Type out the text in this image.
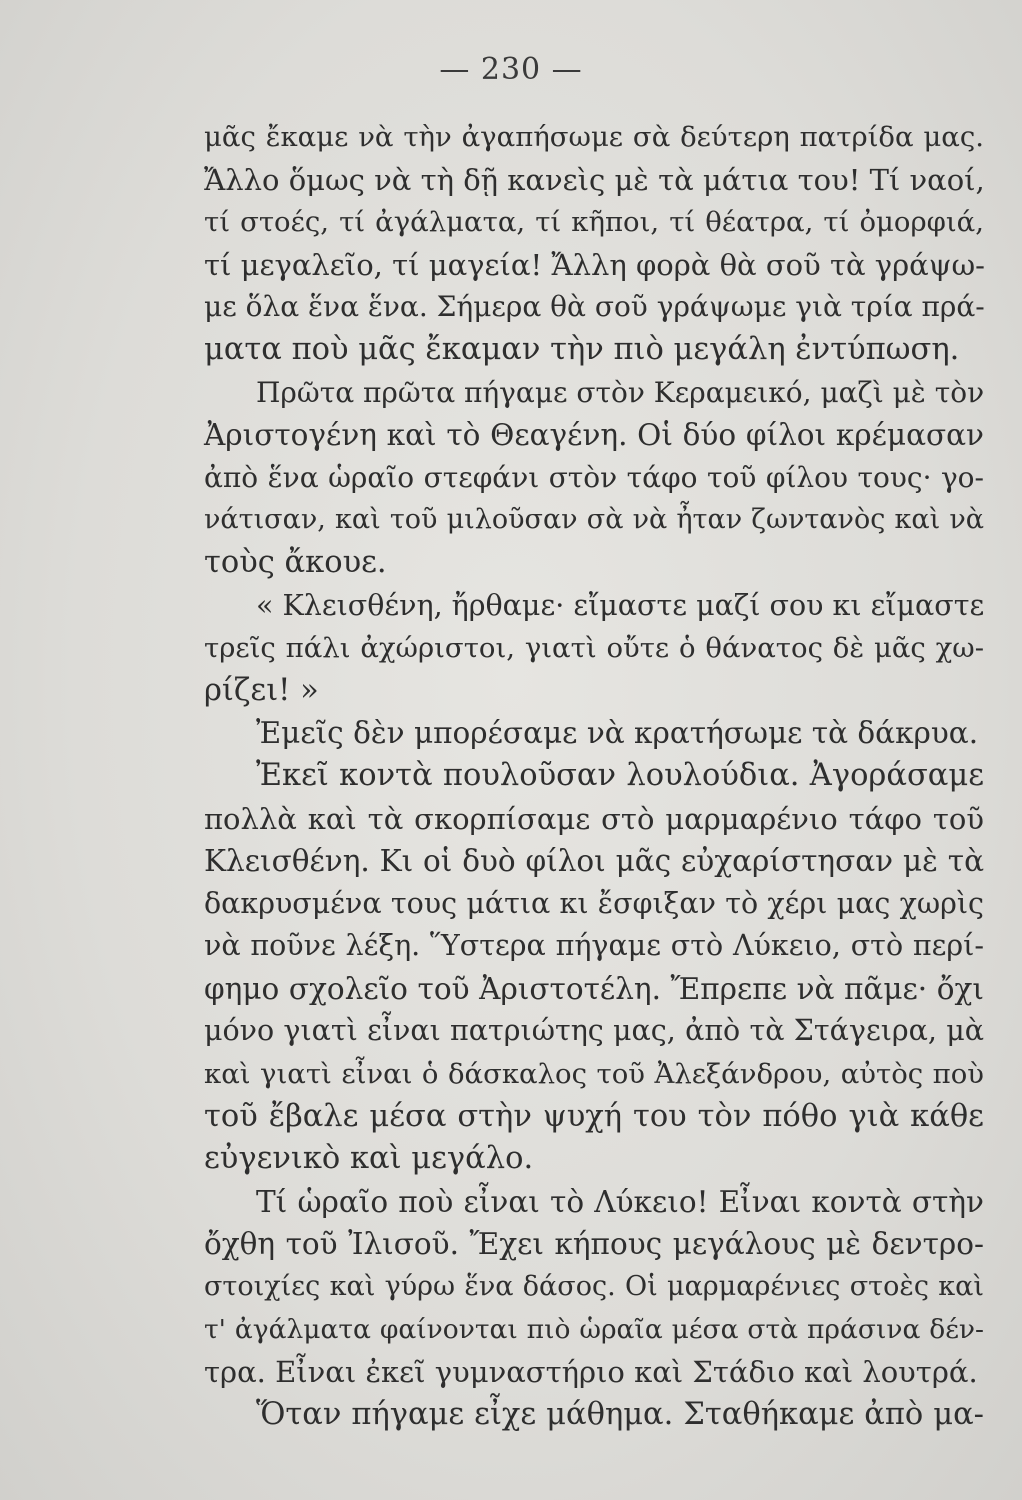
— 230 —
μᾶς ἔκαμε νὰ τὴν ἀγαπήσωμε σὰ δεύτερη πατρίδα μας.
Ἄλλο ὅμως νὰ τὴ δῇ κανεὶς μὲ τὰ μάτια του! Τί ναοί,
τί στοές, τί ἀγάλματα, τί κῆποι, τί θέατρα, τί ὀμορφιά,
τί μεγαλεῖο, τί μαγεία! Ἄλλη φορὰ θὰ σοῦ τὰ γράψω-
με ὅλα ἕνα ἕνα. Σήμερα θὰ σοῦ γράψωμε γιὰ τρία πρά-
ματα ποὺ μᾶς ἔκαμαν τὴν πιὸ μεγάλη ἐντύπωση.
Πρῶτα πρῶτα πήγαμε στὸν Κεραμεικό, μαζὶ μὲ τὸν
Ἀριστογένη καὶ τὸ Θεαγένη. Οἱ δύο φίλοι κρέμασαν
ἀπὸ ἕνα ὡραῖο στεφάνι στὸν τάφο τοῦ φίλου τους· γο-
νάτισαν, καὶ τοῦ μιλοῦσαν σὰ νὰ ἦταν ζωντανὸς καὶ νὰ
τοὺς ἄκουε.
« Κλεισθένη, ἤρθαμε· εἴμαστε μαζί σου κι εἴμαστε
τρεῖς πάλι ἀχώριστοι, γιατὶ οὔτε ὁ θάνατος δὲ μᾶς χω-
ρίζει! »
Ἐμεῖς δὲν μπορέσαμε νὰ κρατήσωμε τὰ δάκρυα.
Ἐκεῖ κοντὰ πουλοῦσαν λουλούδια. Ἀγοράσαμε
πολλὰ καὶ τὰ σκορπίσαμε στὸ μαρμαρένιο τάφο τοῦ
Κλεισθένη. Κι οἱ δυὸ φίλοι μᾶς εὐχαρίστησαν μὲ τὰ
δακρυσμένα τους μάτια κι ἔσφιξαν τὸ χέρι μας χωρὶς
νὰ ποῦνε λέξη. Ὕστερα πήγαμε στὸ Λύκειο, στὸ περί-
φημο σχολεῖο τοῦ Ἀριστοτέλη. Ἔπρεπε νὰ πᾶμε· ὄχι
μόνο γιατὶ εἶναι πατριώτης μας, ἀπὸ τὰ Στάγειρα, μὰ
καὶ γιατὶ εἶναι ὁ δάσκαλος τοῦ Ἀλεξάνδρου, αὐτὸς ποὺ
τοῦ ἔβαλε μέσα στὴν ψυχή του τὸν πόθο γιὰ κάθε
εὐγενικὸ καὶ μεγάλο.
Τί ὡραῖο ποὺ εἶναι τὸ Λύκειο! Εἶναι κοντὰ στὴν
ὄχθη τοῦ Ἰλισοῦ. Ἔχει κήπους μεγάλους μὲ δεντρο-
στοιχίες καὶ γύρω ἕνα δάσος. Οἱ μαρμαρένιες στοὲς καὶ
τ' ἀγάλματα φαίνονται πιὸ ὡραῖα μέσα στὰ πράσινα δέν-
τρα. Εἶναι ἐκεῖ γυμναστήριο καὶ Στάδιο καὶ λουτρά.
Ὅταν πήγαμε εἶχε μάθημα. Σταθήκαμε ἀπὸ μα-
